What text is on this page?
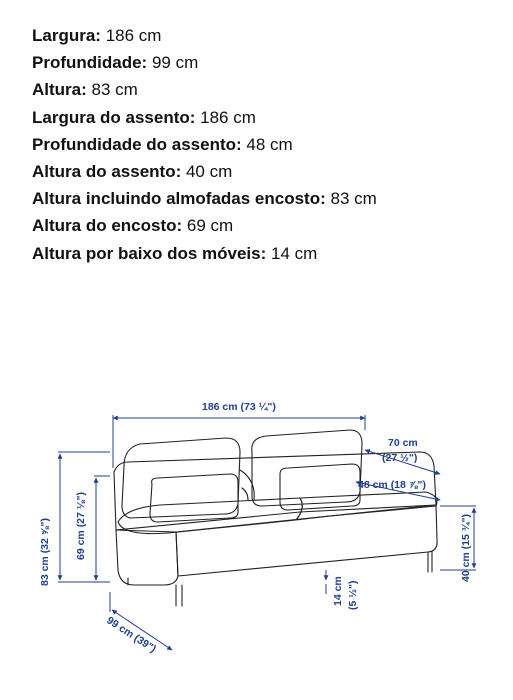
Largura: 186 cm
Profundidade: 99 cm
Altura: 83 cm
Largura do assento: 186 cm
Profundidade do assento: 48 cm
Altura do assento: 40 cm
Altura incluindo almofadas encosto: 83 cm
Altura do encosto: 69 cm
Altura por baixo dos móveis: 14 cm
186 cm (73 ¼")
70 cm
(27 ½")
48 cm (18 ⅞")
83 cm (32 ⅝") 69 cm (27 ⅛")	40 cm (15 ¾")
14 cm (5 ½")
99 cm (39")
